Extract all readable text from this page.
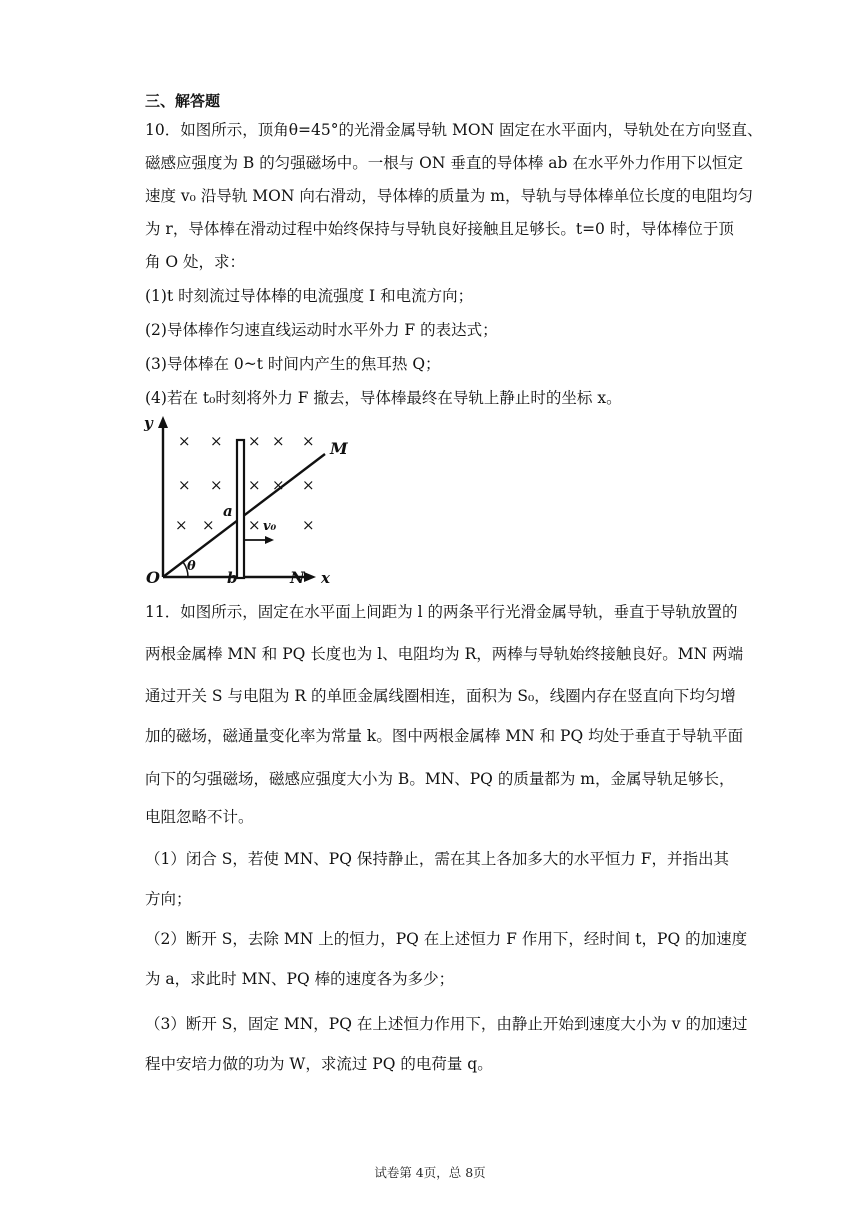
三、解答题
10．如图所示，顶角θ=45°的光滑金属导轨 MON 固定在水平面内，导轨处在方向竖直、
磁感应强度为 B 的匀强磁场中。一根与 ON 垂直的导体棒 ab 在水平外力作用下以恒定
速度 v₀ 沿导轨 MON 向右滑动，导体棒的质量为 m，导轨与导体棒单位长度的电阻均匀
为 r，导体棒在滑动过程中始终保持与导轨良好接触且足够长。t=0 时，导体棒位于顶
角 O 处，求：
(1)t 时刻流过导体棒的电流强度 I 和电流方向；
(2)导体棒作匀速直线运动时水平外力 F 的表达式；
(3)导体棒在 0~t 时间内产生的焦耳热 Q；
(4)若在 t₀时刻将外力 F 撤去，导体棒最终在导轨上静止时的坐标 x。
× × × × ×
× × × × ×
× × ×	×
y
M
a
v₀
θ
O	b	N x
11．如图所示，固定在水平面上间距为 l 的两条平行光滑金属导轨，垂直于导轨放置的
两根金属棒 MN 和 PQ 长度也为 l、电阻均为 R，两棒与导轨始终接触良好。MN 两端
通过开关 S 与电阻为 R 的单匝金属线圈相连，面积为 S₀，线圈内存在竖直向下均匀增
加的磁场，磁通量变化率为常量 k。图中两根金属棒 MN 和 PQ 均处于垂直于导轨平面
向下的匀强磁场，磁感应强度大小为 B。MN、PQ 的质量都为 m，金属导轨足够长，
电阻忽略不计。
（1）闭合 S，若使 MN、PQ 保持静止，需在其上各加多大的水平恒力 F，并指出其
方向；
（2）断开 S，去除 MN 上的恒力，PQ 在上述恒力 F 作用下，经时间 t，PQ 的加速度
为 a，求此时 MN、PQ 棒的速度各为多少；
（3）断开 S，固定 MN，PQ 在上述恒力作用下，由静止开始到速度大小为 v 的加速过
程中安培力做的功为 W，求流过 PQ 的电荷量 q。
试卷第 4页，总 8页
